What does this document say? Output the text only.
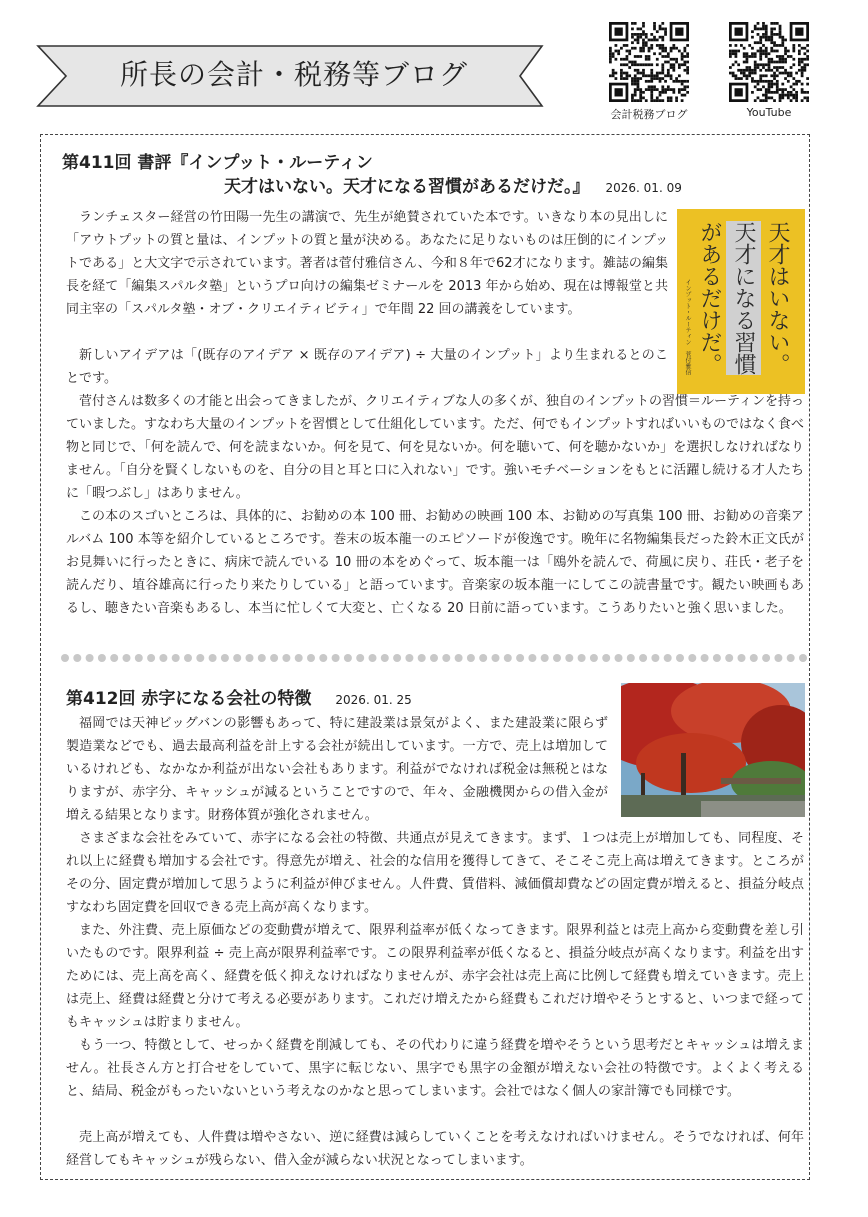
所長の会計・税務等ブログ
会計税務ブログ	YouTube
第411回 書評『インプット・ルーティン
天才はいない。天才になる習慣があるだけだ。』 2026. 01. 09
天才はいない。
天才になる習慣
があるだけだ。
インプット・ルーティン　菅付雅信

ランチェスター経営の竹田陽一先生の講演で、先生が絶賛されていた本です。いきなり本の見出しに「アウトプットの質と量は、インプットの質と量が決める。あなたに足りないものは圧倒的にインプットである」と大文字で示されています。著者は菅付雅信さん、今和８年で62才になります。雑誌の編集長を経て「編集スパルタ塾」というプロ向けの編集ゼミナールを 2013 年から始め、現在は博報堂と共同主宰の「スパルタ塾・オブ・クリエイティビティ」で年間 22 回の講義をしています。

新しいアイデアは「(既存のアイデア × 既存のアイデア) ÷ 大量のインプット」より生まれるとのことです。

菅付さんは数多くの才能と出会ってきましたが、クリエイティブな人の多くが、独自のインプットの習慣＝ルーティンを持っていました。すなわち大量のインプットを習慣として仕組化しています。ただ、何でもインプットすればいいものではなく食べ物と同じで、「何を読んで、何を読まないか。何を見て、何を見ないか。何を聴いて、何を聴かないか」を選択しなければなりません。「自分を賢くしないものを、自分の目と耳と口に入れない」です。強いモチベーションをもとに活躍し続ける才人たちに「暇つぶし」はありません。

この本のスゴいところは、具体的に、お勧めの本 100 冊、お勧めの映画 100 本、お勧めの写真集 100 冊、お勧めの音楽アルバム 100 本等を紹介しているところです。巻末の坂本龍一のエピソードが俊逸です。晩年に名物編集長だった鈴木正文氏がお見舞いに行ったときに、病床で読んでいる 10 冊の本をめぐって、坂本龍一は「鴎外を読んで、荷風に戻り、荘氏・老子を読んだり、埴谷雄高に行ったり来たりしている」と語っています。音楽家の坂本龍一にしてこの読書量です。観たい映画もあるし、聴きたい音楽もあるし、本当に忙しくて大変と、亡くなる 20 日前に語っています。こうありたいと強く思いました。

第412回 赤字になる会社の特徴 2026. 01. 25

福岡では天神ビッグバンの影響もあって、特に建設業は景気がよく、また建設業に限らず製造業などでも、過去最高利益を計上する会社が続出しています。一方で、売上は増加しているけれども、なかなか利益が出ない会社もあります。利益がでなければ税金は無税とはなりますが、赤字分、キャッシュが減るということですので、年々、金融機関からの借入金が増える結果となります。財務体質が強化されません。

さまざまな会社をみていて、赤字になる会社の特徴、共通点が見えてきます。まず、１つは売上が増加しても、同程度、それ以上に経費も増加する会社です。得意先が増え、社会的な信用を獲得してきて、そこそこ売上高は増えてきます。ところがその分、固定費が増加して思うように利益が伸びません。人件費、賃借料、減価償却費などの固定費が増えると、損益分岐点すなわち固定費を回収できる売上高が高くなります。

また、外注費、売上原価などの変動費が増えて、限界利益率が低くなってきます。限界利益とは売上高から変動費を差し引いたものです。限界利益 ÷ 売上高が限界利益率です。この限界利益率が低くなると、損益分岐点が高くなります。利益を出すためには、売上高を高く、経費を低く抑えなければなりませんが、赤字会社は売上高に比例して経費も増えていきます。売上は売上、経費は経費と分けて考える必要があります。これだけ増えたから経費もこれだけ増やそうとすると、いつまで経ってもキャッシュは貯まりません。

もう一つ、特徴として、せっかく経費を削減しても、その代わりに違う経費を増やそうという思考だとキャッシュは増えません。社長さん方と打合せをしていて、黒字に転じない、黒字でも黒字の金額が増えない会社の特徴です。よくよく考えると、結局、税金がもったいないという考えなのかなと思ってしまいます。会社ではなく個人の家計簿でも同様です。

売上高が増えても、人件費は増やさない、逆に経費は減らしていくことを考えなければいけません。そうでなければ、何年経営してもキャッシュが残らない、借入金が減らない状況となってしまいます。
